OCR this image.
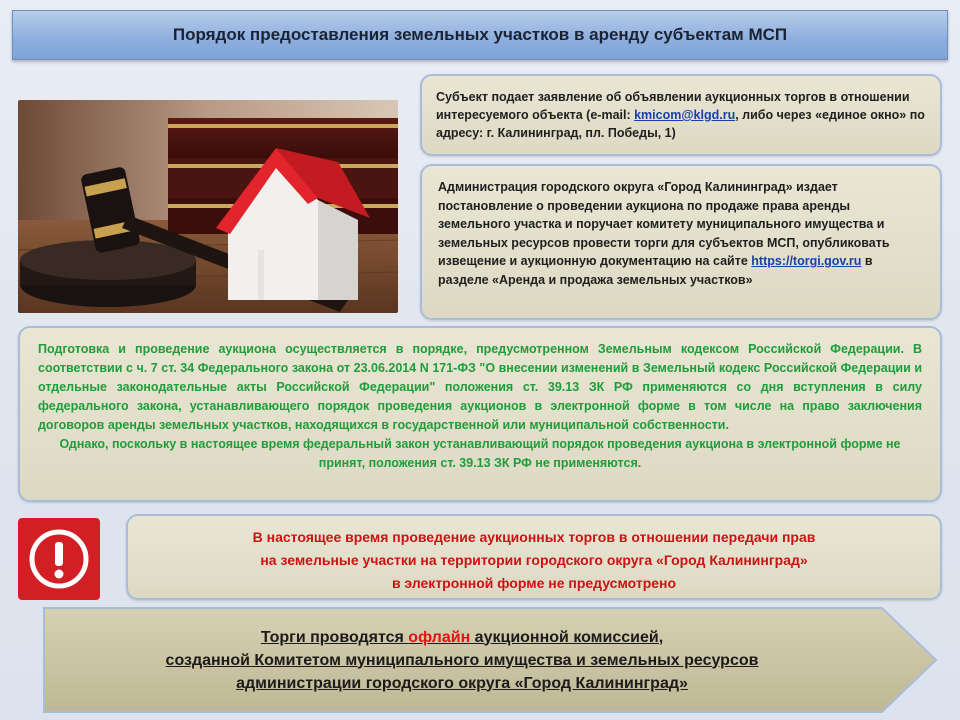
Порядок предоставления земельных участков в аренду субъектам МСП
Субъект подает заявление об объявлении аукционных торгов в отношении интересуемого объекта (e-mail: kmicom@klgd.ru, либо через «единое окно» по адресу: г. Калининград, пл. Победы, 1)
Администрация городского округа «Город Калининград» издает постановление о проведении аукциона по продаже права аренды земельного участка и поручает комитету муниципального имущества и земельных ресурсов провести торги для субъектов МСП, опубликовать извещение и аукционную документацию на сайте https://torgi.gov.ru в разделе «Аренда и продажа земельных участков»
Подготовка и проведение аукциона осуществляется в порядке, предусмотренном Земельным кодексом Российской Федерации. В соответствии с ч. 7 ст. 34 Федерального закона от 23.06.2014 N 171-ФЗ "О внесении изменений в Земельный кодекс Российской Федерации и отдельные законодательные акты Российской Федерации" положения ст. 39.13 ЗК РФ применяются со дня вступления в силу федерального закона, устанавливающего порядок проведения аукционов в электронной форме в том числе на право заключения договоров аренды земельных участков, находящихся в государственной или муниципальной собственности.
Однако, поскольку в настоящее время федеральный закон устанавливающий порядок проведения аукциона в электронной форме не принят, положения ст. 39.13 ЗК РФ не применяются.
В настоящее время проведение аукционных торгов в отношении передачи прав
на земельные участки на территории городского округа «Город Калининград»
в электронной форме не предусмотрено
Торги проводятся офлайн аукционной комиссией,
созданной Комитетом муниципального имущества и земельных ресурсов
администрации городского округа «Город Калининград»
